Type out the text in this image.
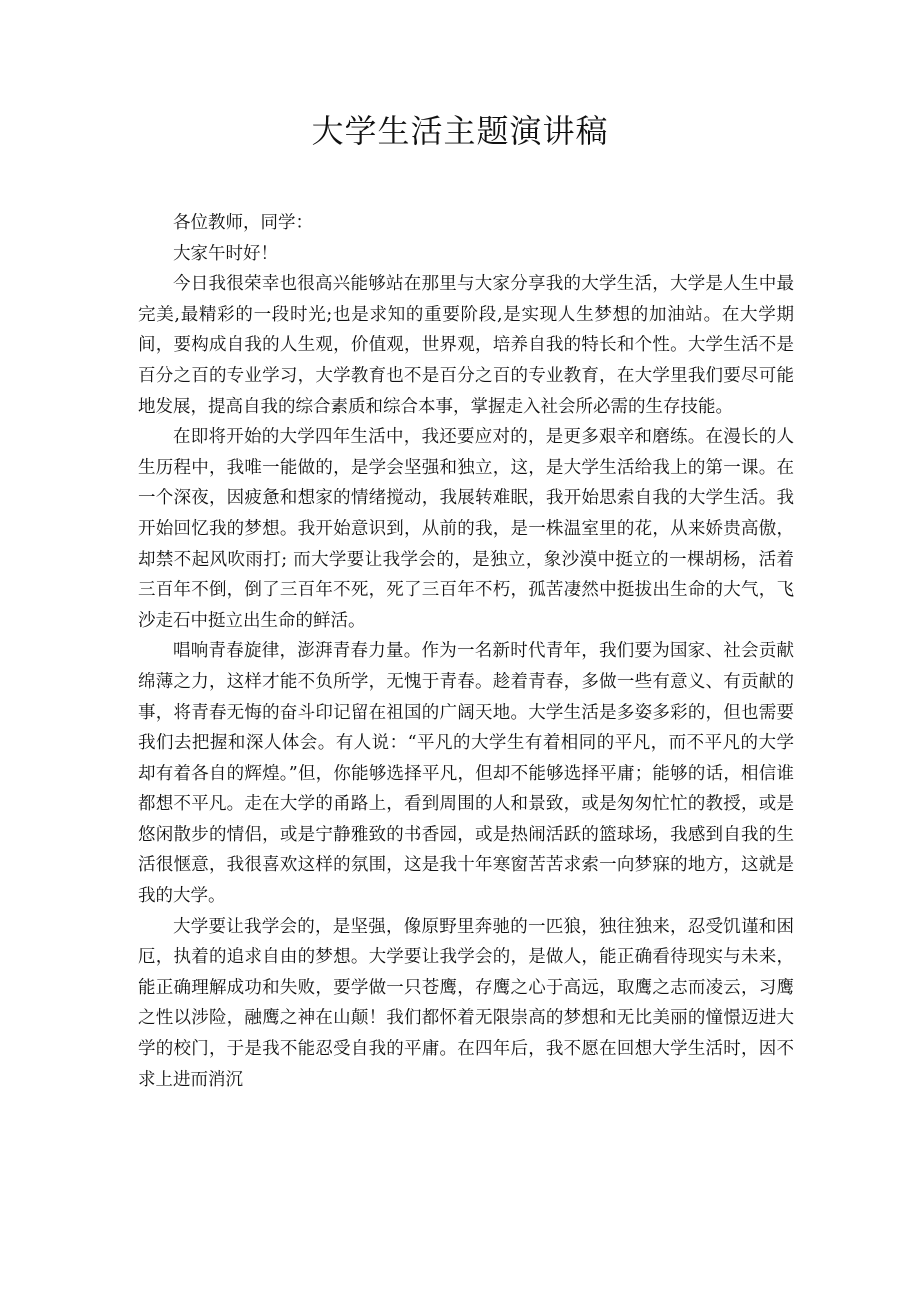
大学生活主题演讲稿

各位教师，同学：

大家午时好！

今日我很荣幸也很高兴能够站在那里与大家分享我的大学生活，大学是人生中最完美,最精彩的一段时光;也是求知的重要阶段,是实现人生梦想的加油站。在大学期间，要构成自我的人生观，价值观，世界观，培养自我的特长和个性。大学生活不是百分之百的专业学习，大学教育也不是百分之百的专业教育，在大学里我们要尽可能地发展，提高自我的综合素质和综合本事，掌握走入社会所必需的生存技能。

在即将开始的大学四年生活中，我还要应对的，是更多艰辛和磨练。在漫长的人生历程中，我唯一能做的，是学会坚强和独立，这，是大学生活给我上的第一课。在一个深夜，因疲惫和想家的情绪搅动，我展转难眠，我开始思索自我的大学生活。我开始回忆我的梦想。我开始意识到，从前的我，是一株温室里的花，从来娇贵高傲，却禁不起风吹雨打; 而大学要让我学会的，是独立，象沙漠中挺立的一棵胡杨，活着三百年不倒，倒了三百年不死，死了三百年不朽，孤苦凄然中挺拔出生命的大气，飞沙走石中挺立出生命的鲜活。

唱响青春旋律，澎湃青春力量。作为一名新时代青年，我们要为国家、社会贡献绵薄之力，这样才能不负所学，无愧于青春。趁着青春，多做一些有意义、有贡献的事，将青春无悔的奋斗印记留在祖国的广阔天地。大学生活是多姿多彩的，但也需要我们去把握和深人体会。有人说：“平凡的大学生有着相同的平凡，而不平凡的大学却有着各自的辉煌。”但，你能够选择平凡，但却不能够选择平庸；能够的话，相信谁都想不平凡。走在大学的甬路上，看到周围的人和景致，或是匆匆忙忙的教授，或是悠闲散步的情侣，或是宁静雅致的书香园，或是热闹活跃的篮球场，我感到自我的生活很惬意，我很喜欢这样的氛围，这是我十年寒窗苦苦求索一向梦寐的地方，这就是我的大学。

大学要让我学会的，是坚强，像原野里奔驰的一匹狼，独往独来，忍受饥谨和困厄，执着的追求自由的梦想。大学要让我学会的，是做人，能正确看待现实与未来，能正确理解成功和失败，要学做一只苍鹰，存鹰之心于高远，取鹰之志而凌云，习鹰之性以涉险，融鹰之神在山颠！我们都怀着无限崇高的梦想和无比美丽的憧憬迈进大学的校门，于是我不能忍受自我的平庸。在四年后，我不愿在回想大学生活时，因不求上进而消沉
